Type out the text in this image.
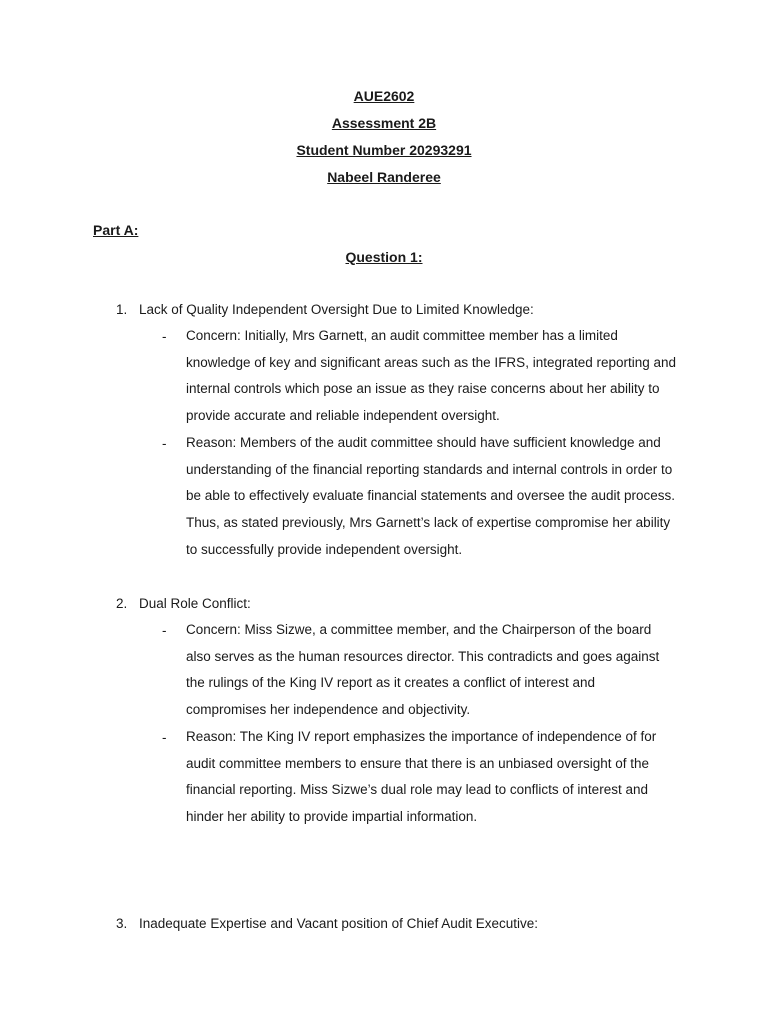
AUE2602
Assessment 2B
Student Number 20293291
Nabeel Randeree
Part A:
Question 1:
1. Lack of Quality Independent Oversight Due to Limited Knowledge:
- Concern: Initially, Mrs Garnett, an audit committee member has a limited knowledge of key and significant areas such as the IFRS, integrated reporting and internal controls which pose an issue as they raise concerns about her ability to provide accurate and reliable independent oversight.

- Reason: Members of the audit committee should have sufficient knowledge and understanding of the financial reporting standards and internal controls in order to be able to effectively evaluate financial statements and oversee the audit process. Thus, as stated previously, Mrs Garnett’s lack of expertise compromise her ability to successfully provide independent oversight.

2. Dual Role Conflict:
- Concern: Miss Sizwe, a committee member, and the Chairperson of the board also serves as the human resources director. This contradicts and goes against the rulings of the King IV report as it creates a conflict of interest and compromises her independence and objectivity.

- Reason: The King IV report emphasizes the importance of independence of for audit committee members to ensure that there is an unbiased oversight of the financial reporting. Miss Sizwe’s dual role may lead to conflicts of interest and hinder her ability to provide impartial information.

3. Inadequate Expertise and Vacant position of Chief Audit Executive:
